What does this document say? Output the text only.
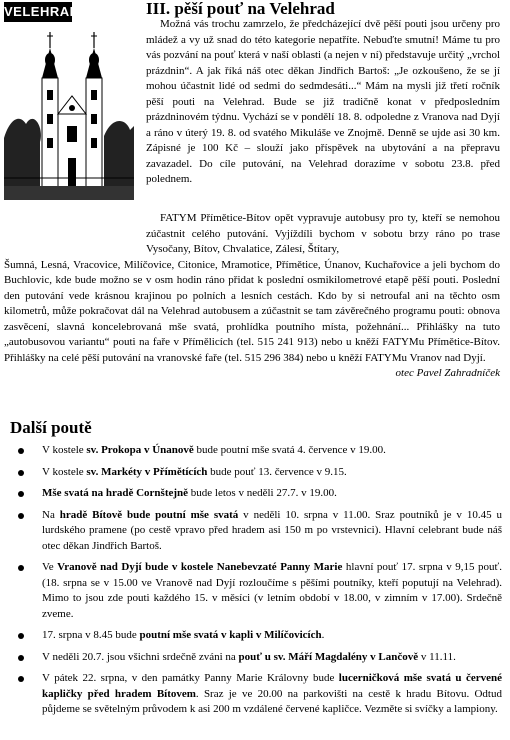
VELEHRAD	III. pěší pouť na Velehrad

Možná vás trochu zamrzelo, že předcházející dvě pěší pouti jsou určeny pro mládež a vy už snad do této kategorie nepatříte. Nebuďte smutní! Máme tu pro vás pozvání na pouť která v naší oblasti (a nejen v ní) představuje určitý „vrchol prázdnin“. A jak říká náš otec děkan Jindřich Bartoš: „Je ozkoušeno, že se jí mohou účastnit lidé od sedmi do sedmdesáti...“ Mám na mysli již třetí ročník pěší pouti na Velehrad. Bude se již tradičně konat v předposledním prázdninovém týdnu. Vychází se v pondělí 18. 8. odpoledne z Vranova nad Dyjí a ráno v úterý 19. 8. od svatého Mikuláše ve Znojmě. Denně se ujde asi 30 km. Zápisné je 100 Kč – slouží jako příspěvek na ubytování a na přepravu zavazadel. Do cíle putování, na Velehrad dorazíme v sobotu 23.8. před polednem.

FATYM Přímětice-Bítov opět vypravuje autobusy pro ty, kteří se nemohou zúčastnit celého putování. Vyjíždíli bychom v sobotu brzy ráno po trase Vysočany, Bítov, Chvalatice, Zálesí, Štítary,
Šumná, Lesná, Vracovice, Milíčovice, Citonice, Mramotice, Přímětice, Únanov, Kuchařovice a jeli bychom do Buchlovic, kde bude možno se v osm hodin ráno přidat k poslední osmikilometrové etapě pěší pouti. Poslední den putování vede krásnou krajinou po polních a lesních cestách. Kdo by si netroufal ani na těchto osm kilometrů, může pokračovat dál na Velehrad autobusem a zúčastnit se tam závěrečného programu pouti: obnova zasvěcení, slavná koncelebrovaná mše svatá, prohlídka poutního místa, požehnání... Přihlášky na tuto „autobusovou variantu“ pouti na faře v Přímělicích (tel. 515 241 913) nebo u kněží FATYMu Přímětice-Bítov. Přihlášky na celé pěší putování na vranovské faře (tel. 515 296 384) nebo u kněží FATYMu Vranov nad Dyjí.
otec Pavel Zahradníček

Další poutě
V kostele sv. Prokopa v Únanově bude poutní mše svatá 4. července v 19.00.
V kostele sv. Markéty v Přímětících bude pouť 13. července v 9.15.
Mše svatá na hradě Cornštejně bude letos v neděli 27.7. v 19.00.
Na hradě Bítově bude poutní mše svatá v neděli 10. srpna v 11.00. Sraz poutníků je v 10.45 u lurdského pramene (po cestě vpravo před hradem asi 150 m po vrstevnici). Hlavní celebrant bude náš otec děkan Jindřich Bartoš.
Ve Vranově nad Dyjí bude v kostele Nanebevzaté Panny Marie hlavní pouť 17. srpna v 9,15 pouť. (18. srpna se v 15.00 ve Vranově nad Dyjí rozloučíme s pěšími poutníky, kteří poputují na Velehrad). Mimo to jsou zde pouti každého 15. v měsíci (v letním období v 18.00, v zimním v 17.00). Srdečně zveme.
17. srpna v 8.45 bude poutní mše svatá v kapli v Milíčovicích.
V neděli 20.7. jsou všichni srdečně zváni na pouť u sv. Máří Magdalény v Lančově v 11.11.
V pátek 22. srpna, v den památky Panny Marie Královny bude lucerničková mše svatá u červené kapličky před hradem Bítovem. Sraz je ve 20.00 na parkovišti na cestě k hradu Bítovu. Odtud půjdeme se světelným průvodem k asi 200 m vzdálené červené kapličce. Vezměte si svíčky a lampiony.
